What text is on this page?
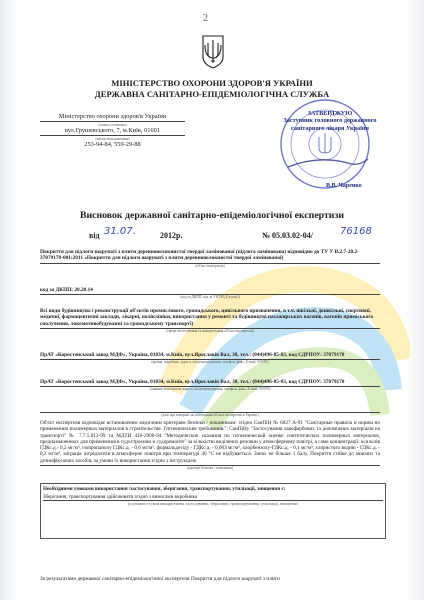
2
МІНІСТЕРСТВО ОХОРОНИ ЗДОРОВ'Я УКРАЇНИ
ДЕРЖАВНА САНІТАРНО-ЕПІДЕМІОЛОГІЧНА СЛУЖБА
Міністерство охорони здоров'я України
(назва установи)
вул.Грушевського, 7, м.Київ, 01601
(місцезнаходження)
253-94-84, 559-29-88
ЗАТВЕРДЖУЮ
Заступник головного державного
санітарного лікаря України
В.В. Чаренко
Висновок державної санітарно-епідеміологічної експертизи
від 31.07.	2012р.	№ 05.03.02-04/	76168
Покриття для підлоги шаруваті з плити деревноволокнистої твердої ламінованої (підлога ламінована) відповідно до ТУ У В.2.7-20.2-37079170-001:2011 «Покриття для підлоги шаруваті з плити деревноволокнистої твердої ламінованої)
(об'єкт експертизи)
код за ДКПП: 20.20.14
(код за ДКПП, код за УКТЗЕД (в разі))
Всі види будівництва і реконструкції об'єктів промислового, громадського, цивільного призначення, в т.ч. шкільні, дошкільні, спортивні, медичні, фармацевтичні заклади, лікарні, поліклініки, використання у ремонті та будівництві пасажирських вагонів, вагонів приміського сполучення, локомотивобудуванні та громадському транспорті)
(сфера застосування та використання об'єкта експертизи)
ПрАТ «Коростенський завод МДФ», Україна, 01034, м.Київ, вул.Ярославів Вал, 38, тел.: (044)496-85-83, код ЄДРПОУ: 37079170
(країна, виробник, адреса, місцезнаходження, телефон, факс, E-mail, WWW)
ПрАТ «Коростенський завод МДФ», Україна, 01034, м.Київ, вул.Ярославів Вал, 38, тел.: (044)496-85-83, код ЄДРПОУ: 37079170
(заявник експертизи, адреса, місцезнаходження, телефон, факс, E-mail, WWW)
(дані про контракт на постачання об'єкта експертизи в Україну)
Об'єкт експертизи відповідає встановленим медичним критеріям безпеки / показникам: згідно СанПіН № 6027 А-91 "Санітарные правила и нормы по применению полимерных материалов в строительстве. Гигиенические требования.", СанПіНу "Застосування лакофарбових та допоміжних матеріалів на транспорті" № 7.7.5.013-99 та МДТИ 410-2900-94 "Методические указания по гигиенической оценке синтетических полимерных материалов, предназначенных для применения в судостроении и судоремонте" за кількістю виділених речовин у атмосферному повітрі, а саме концентрації: ксилолів ГДКс.д.- 0,2 мг/м³, ізопропанолу ГДКс.д. - 0,6 мг/м³, формальдегіду - ГДКс.д. - 0,003 мг/м³, хлорбензолу-ГДКс.д. - 0,1 мг/м³, хлористого водню - ГДКс.д. - 0,2 мг/м³, міграція інгредієнтів в атмосферне повітря при температурі 40 °С не відбувається. Запах не більше 1 балу. Покриття стійке до миючих та дезинфікуючих засобів, за умови їх використання згідно з інструкцією
(критерії безпеки / показники)
Необхідними умовами використання /застосування, зберігання, транспортування, утилізації, знищення є:
Зберігання, транспортування здійснювати згідно з вимогами виробника
(особливості умов використання, застосування, зберігання, транспортування, утилізації, знищення)
За результатами державної санітарно-епідеміологічної експертизи Покриття для підлоги шаруваті з плити
